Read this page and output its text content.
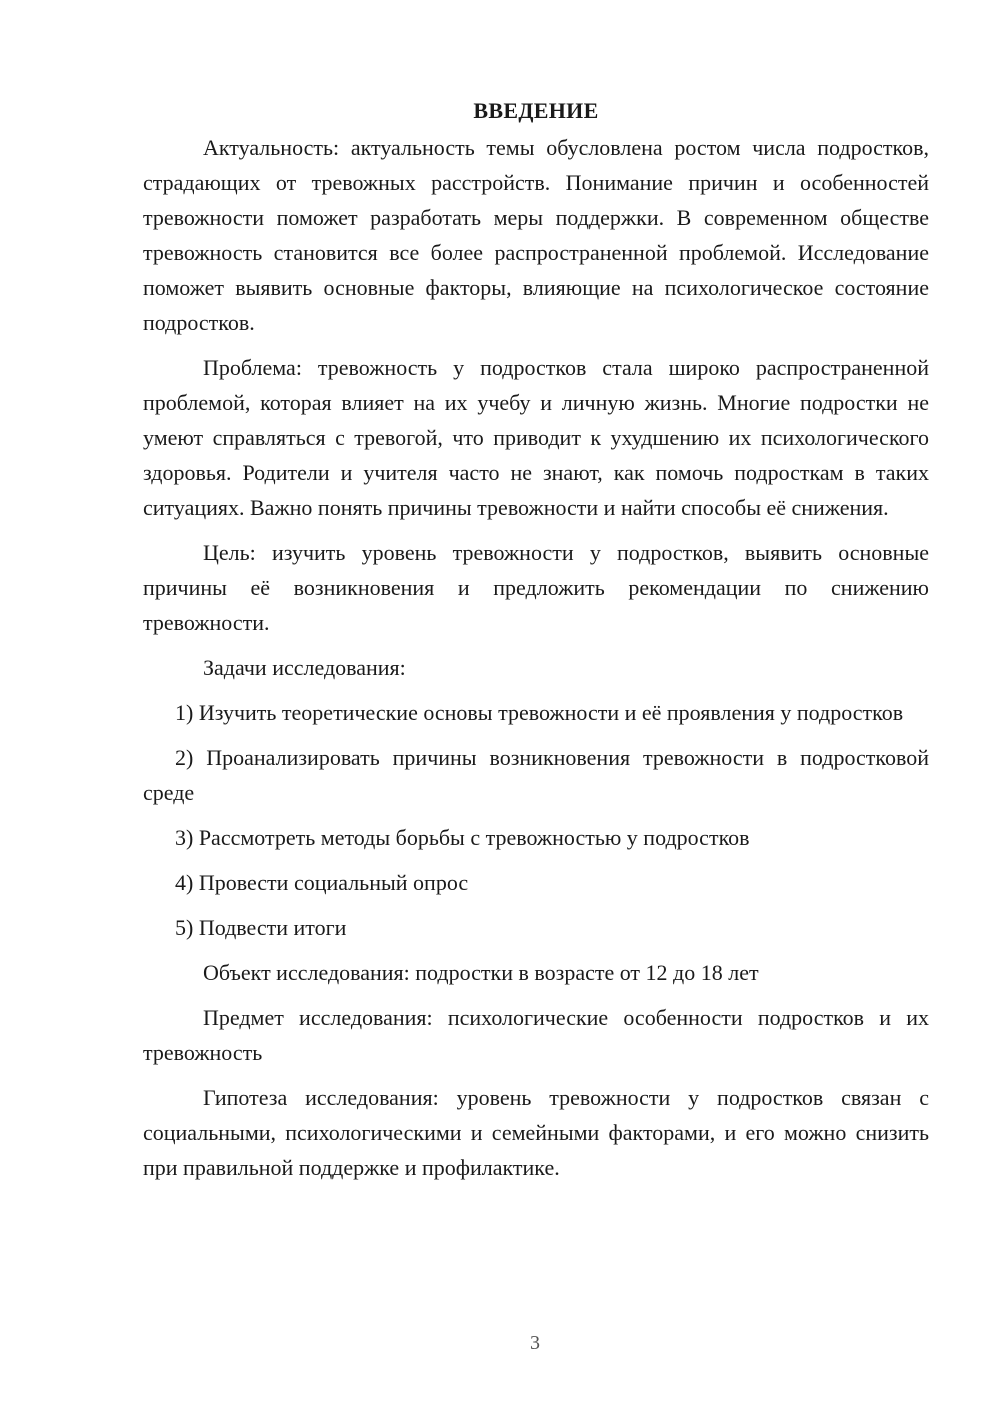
ВВЕДЕНИЕ

Актуальность: актуальность темы обусловлена ростом числа подростков, страдающих от тревожных расстройств. Понимание причин и особенностей тревожности поможет разработать меры поддержки. В современном обществе тревожность становится все более распространенной проблемой. Исследование поможет выявить основные факторы, влияющие на психологическое состояние подростков.

Проблема: тревожность у подростков стала широко распространенной проблемой, которая влияет на их учебу и личную жизнь. Многие подростки не умеют справляться с тревогой, что приводит к ухудшению их психологического здоровья. Родители и учителя часто не знают, как помочь подросткам в таких ситуациях. Важно понять причины тревожности и найти способы её снижения.

Цель: изучить уровень тревожности у подростков, выявить основные причины её возникновения и предложить рекомендации по снижению тревожности.

Задачи исследования:

1) Изучить теоретические основы тревожности и её проявления у подростков

2) Проанализировать причины возникновения тревожности в подростковой среде

3) Рассмотреть методы борьбы с тревожностью у подростков

4) Провести социальный опрос

5) Подвести итоги

Объект исследования: подростки в возрасте от 12 до 18 лет

Предмет исследования: психологические особенности подростков и их тревожность

Гипотеза исследования: уровень тревожности у подростков связан с социальными, психологическими и семейными факторами, и его можно снизить при правильной поддержке и профилактике.

3
